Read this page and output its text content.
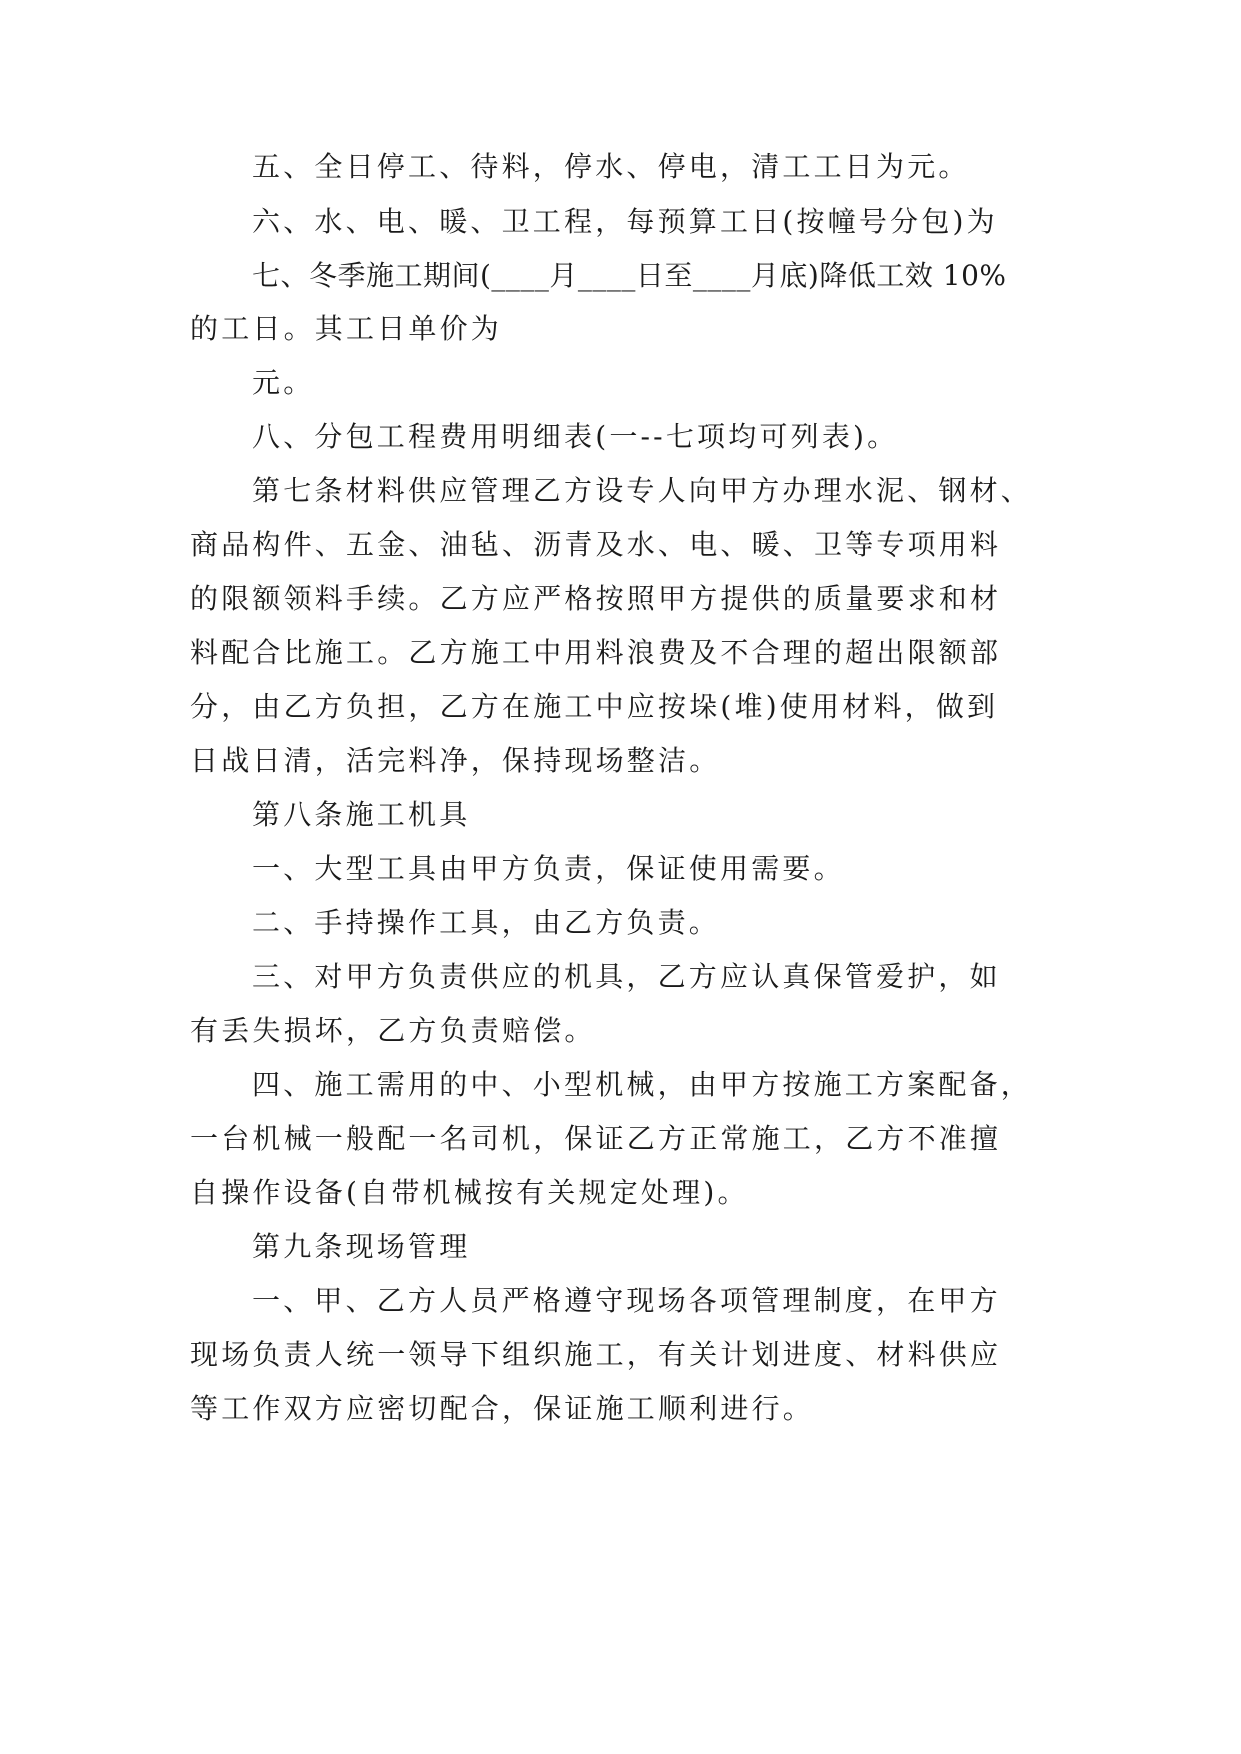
五、全日停工、待料，停水、停电，清工工日为元。
六、水、电、暖、卫工程，每预算工日(按幢号分包)为
七、冬季施工期间(____月____日至____月底)降低工效 10%
的工日。其工日单价为
元。
八、分包工程费用明细表(一--七项均可列表)。
第七条材料供应管理乙方设专人向甲方办理水泥、钢材、
商品构件、五金、油毡、沥青及水、电、暖、卫等专项用料
的限额领料手续。乙方应严格按照甲方提供的质量要求和材
料配合比施工。乙方施工中用料浪费及不合理的超出限额部
分，由乙方负担，乙方在施工中应按垛(堆)使用材料，做到
日战日清，活完料净，保持现场整洁。
第八条施工机具
一、大型工具由甲方负责，保证使用需要。
二、手持操作工具，由乙方负责。
三、对甲方负责供应的机具，乙方应认真保管爱护，如
有丢失损坏，乙方负责赔偿。
四、施工需用的中、小型机械，由甲方按施工方案配备，
一台机械一般配一名司机，保证乙方正常施工，乙方不准擅
自操作设备(自带机械按有关规定处理)。
第九条现场管理
一、甲、乙方人员严格遵守现场各项管理制度，在甲方
现场负责人统一领导下组织施工，有关计划进度、材料供应
等工作双方应密切配合，保证施工顺利进行。
